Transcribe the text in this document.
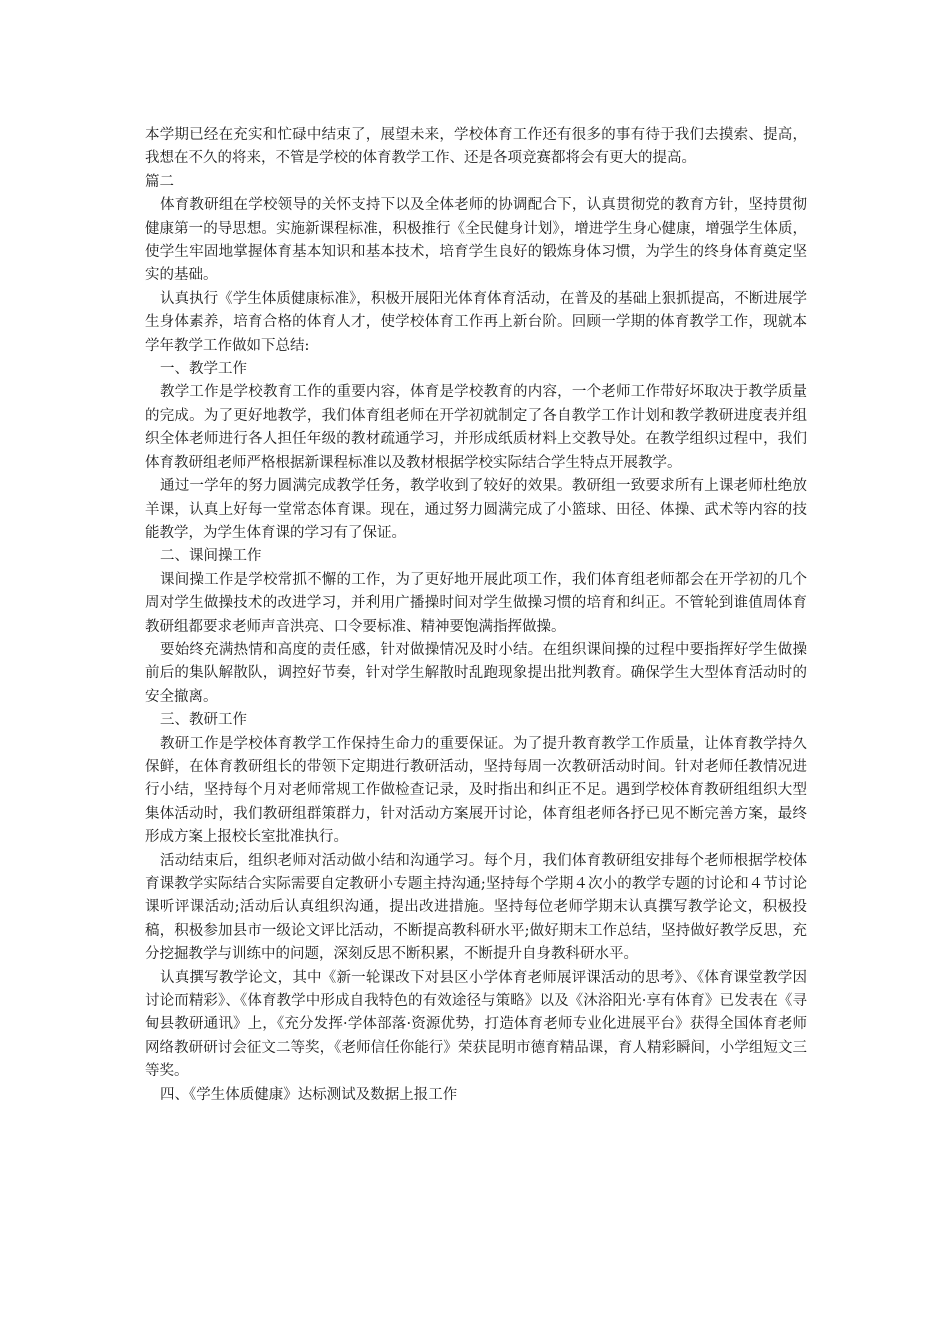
本学期已经在充实和忙碌中结束了，展望未来，学校体育工作还有很多的事有待于我们去摸索、提高，我想在不久的将来，不管是学校的体育教学工作、还是各项竞赛都将会有更大的提高。

篇二

体育教研组在学校领导的关怀支持下以及全体老师的协调配合下，认真贯彻党的教育方针，坚持贯彻健康第一的导思想。实施新课程标准，积极推行《全民健身计划》，增进学生身心健康，增强学生体质，使学生牢固地掌握体育基本知识和基本技术，培育学生良好的锻炼身体习惯，为学生的终身体育奠定坚实的基础。

认真执行《学生体质健康标准》，积极开展阳光体育体育活动，在普及的基础上狠抓提高，不断进展学生身体素养，培育合格的体育人才，使学校体育工作再上新台阶。回顾一学期的体育教学工作，现就本学年教学工作做如下总结:

一、教学工作

教学工作是学校教育工作的重要内容，体育是学校教育的内容，一个老师工作带好坏取决于教学质量的完成。为了更好地教学，我们体育组老师在开学初就制定了各自教学工作计划和教学教研进度表并组织全体老师进行各人担任年级的教材疏通学习，并形成纸质材料上交教导处。在教学组织过程中，我们体育教研组老师严格根据新课程标准以及教材根据学校实际结合学生特点开展教学。

通过一学年的努力圆满完成教学任务，教学收到了较好的效果。教研组一致要求所有上课老师杜绝放羊课，认真上好每一堂常态体育课。现在，通过努力圆满完成了小篮球、田径、体操、武术等内容的技能教学，为学生体育课的学习有了保证。

二、课间操工作

课间操工作是学校常抓不懈的工作，为了更好地开展此项工作，我们体育组老师都会在开学初的几个周对学生做操技术的改进学习，并利用广播操时间对学生做操习惯的培育和纠正。不管轮到谁值周体育教研组都要求老师声音洪亮、口令要标准、精神要饱满指挥做操。

要始终充满热情和高度的责任感，针对做操情况及时小结。在组织课间操的过程中要指挥好学生做操前后的集队解散队，调控好节奏，针对学生解散时乱跑现象提出批判教育。确保学生大型体育活动时的安全撤离。

三、教研工作

教研工作是学校体育教学工作保持生命力的重要保证。为了提升教育教学工作质量，让体育教学持久保鲜，在体育教研组长的带领下定期进行教研活动，坚持每周一次教研活动时间。针对老师任教情况进行小结，坚持每个月对老师常规工作做检查记录，及时指出和纠正不足。遇到学校体育教研组组织大型集体活动时，我们教研组群策群力，针对活动方案展开讨论，体育组老师各抒已见不断完善方案，最终形成方案上报校长室批准执行。

活动结束后，组织老师对活动做小结和沟通学习。每个月，我们体育教研组安排每个老师根据学校体育课教学实际结合实际需要自定教研小专题主持沟通;坚持每个学期４次小的教学专题的讨论和４节讨论课听评课活动;活动后认真组织沟通，提出改进措施。坚持每位老师学期末认真撰写教学论文，积极投稿，积极参加县市一级论文评比活动，不断提高教科研水平;做好期末工作总结，坚持做好教学反思，充分挖掘教学与训练中的问题，深刻反思不断积累，不断提升自身教科研水平。

认真撰写教学论文，其中《新一轮课改下对县区小学体育老师展评课活动的思考》、《体育课堂教学因讨论而精彩》、《体育教学中形成自我特色的有效途径与策略》以及《沐浴阳光·享有体育》已发表在《寻甸县教研通讯》上，《充分发挥·学体部落·资源优势，打造体育老师专业化进展平台》获得全国体育老师网络教研研讨会征文二等奖，《老师信任你能行》荣获昆明市德育精品课，育人精彩瞬间，小学组短文三等奖。

四、《学生体质健康》达标测试及数据上报工作
